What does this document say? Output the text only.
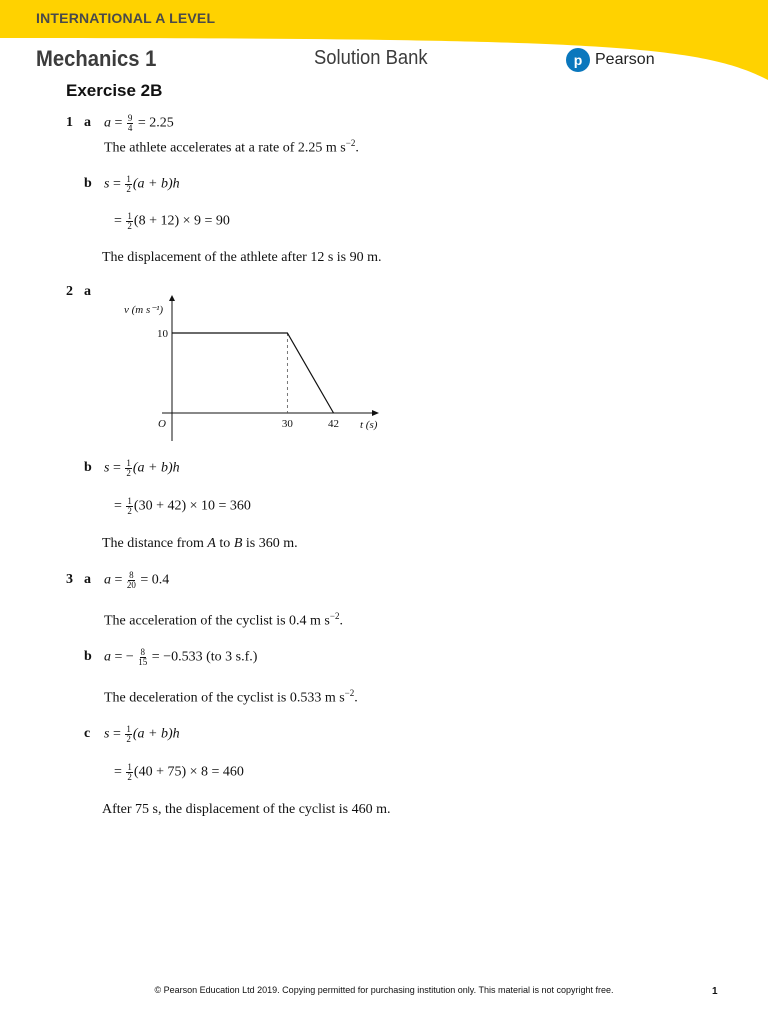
INTERNATIONAL A LEVEL
Mechanics 1	Solution Bank	p Pearson
Exercise 2B
1 a $a = \frac{9}{4} = 2.25$
The athlete accelerates at a rate of 2.25 m $s^{-2}$.
b $s = \frac{1}{2} (a + b)h$
= $\frac{1}{2} (8 + 12) \times 9 = 90$
The displacement of the athlete after 12 s is 90 m.
2 a
30	42
10
v (m s⁻¹)
t (s)
O
b $s = \frac{1}{2} (a + b)h$
= $\frac{1}{2} (30 + 42) \times 10 = 360$
The distance from A to B is 360 m.
3 a $a = \frac{8}{20} = 0.4$
The acceleration of the cyclist is 0.4 m $s^{-2}$.
b a = − $\frac{8}{15} = -0.533$ (to 3 s.f.)
The deceleration of the cyclist is 0.533 m $s^{-2}$.
c $s = \frac{1}{2} (a + b)h$
= $\frac{1}{2} (40 + 75) \times 8 = 460$
After 75 s, the displacement of the cyclist is 460 m.
© Pearson Education Ltd 2019. Copying permitted for purchasing institution only. This material is not copyright free.	1
